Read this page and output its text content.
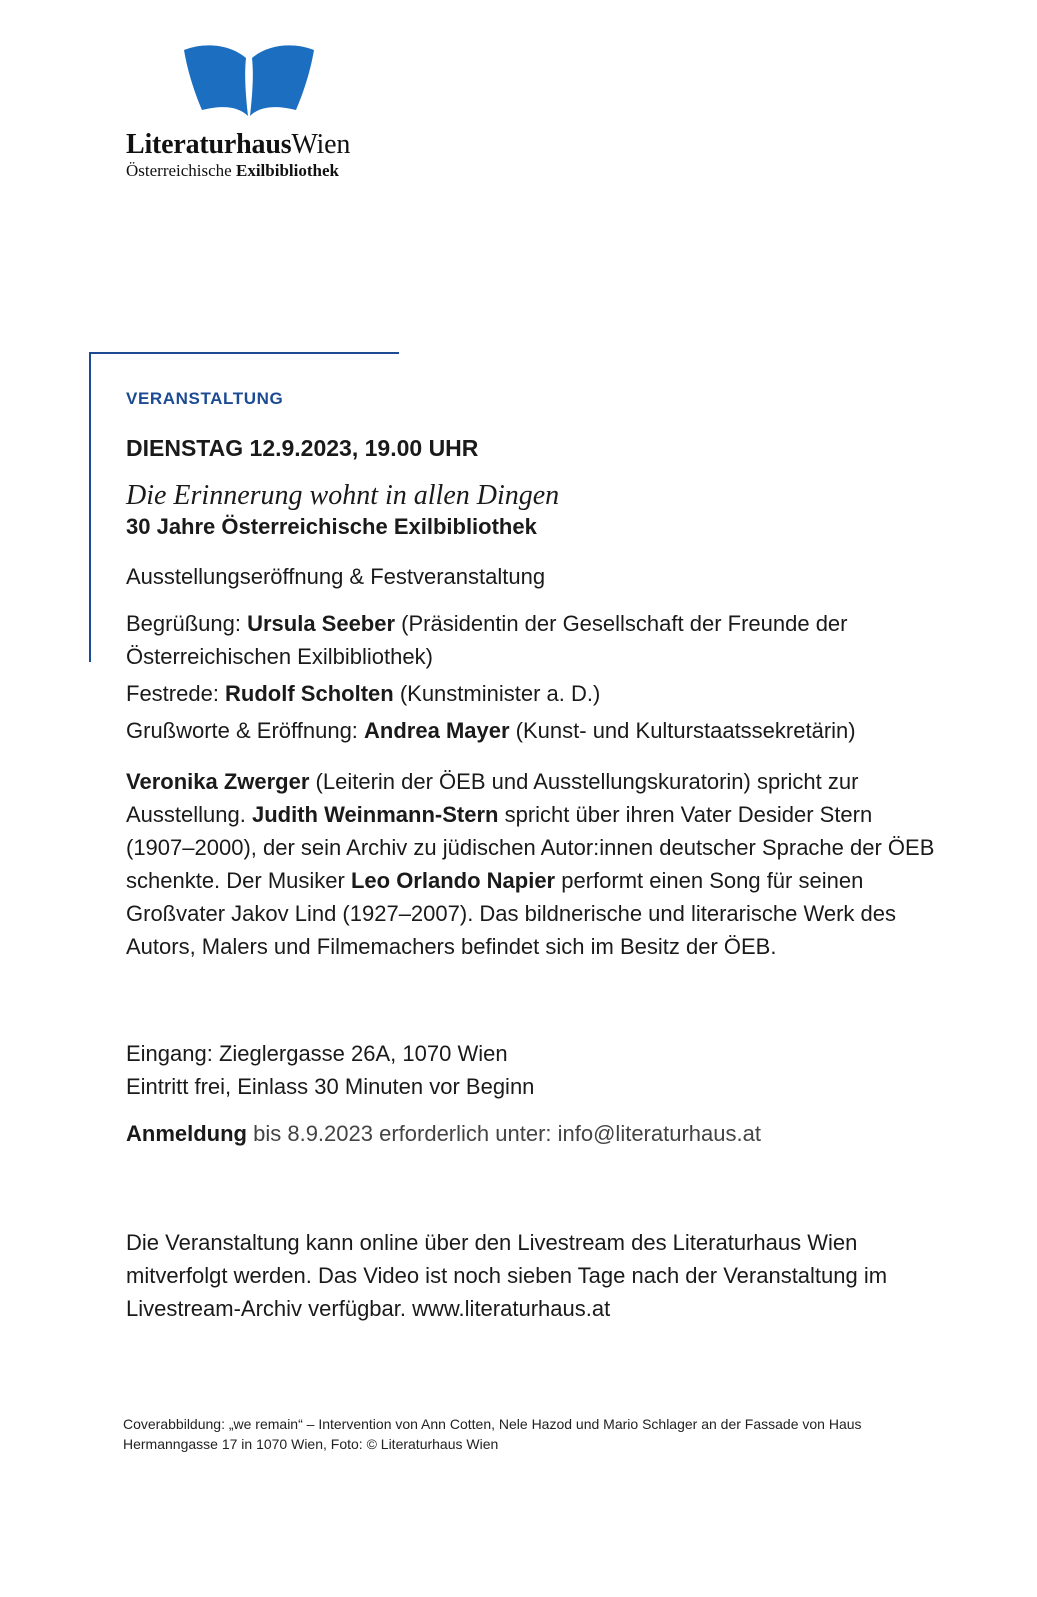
LiteraturhausWien
Österreichische Exilbibliothek
VERANSTALTUNG
DIENSTAG 12.9.2023, 19.00 UHR
Die Erinnerung wohnt in allen Dingen
30 Jahre Österreichische Exilbibliothek
Ausstellungseröffnung & Festveranstaltung
Begrüßung: Ursula Seeber (Präsidentin der Gesellschaft der Freunde der Österreichischen Exilbibliothek)
Festrede: Rudolf Scholten (Kunstminister a. D.)
Grußworte & Eröffnung: Andrea Mayer (Kunst- und Kulturstaatssekretärin)
Veronika Zwerger (Leiterin der ÖEB und Ausstellungskuratorin) spricht zur Ausstellung. Judith Weinmann-Stern spricht über ihren Vater Desider Stern (1907–2000), der sein Archiv zu jüdischen Autor:innen deutscher Sprache der ÖEB schenkte. Der Musiker Leo Orlando Napier performt einen Song für seinen Großvater Jakov Lind (1927–2007). Das bildnerische und literarische Werk des Autors, Malers und Filmemachers befindet sich im Besitz der ÖEB.
Eingang: Zieglergasse 26A, 1070 Wien
Eintritt frei, Einlass 30 Minuten vor Beginn
Anmeldung bis 8.9.2023 erforderlich unter: info@literaturhaus.at
Die Veranstaltung kann online über den Livestream des Literaturhaus Wien mitverfolgt werden. Das Video ist noch sieben Tage nach der Veranstaltung im Livestream-Archiv verfügbar. www.literaturhaus.at
Coverabbildung: „we remain“ – Intervention von Ann Cotten, Nele Hazod und Mario Schlager an der Fassade von Haus Hermanngasse 17 in 1070 Wien, Foto: © Literaturhaus Wien
